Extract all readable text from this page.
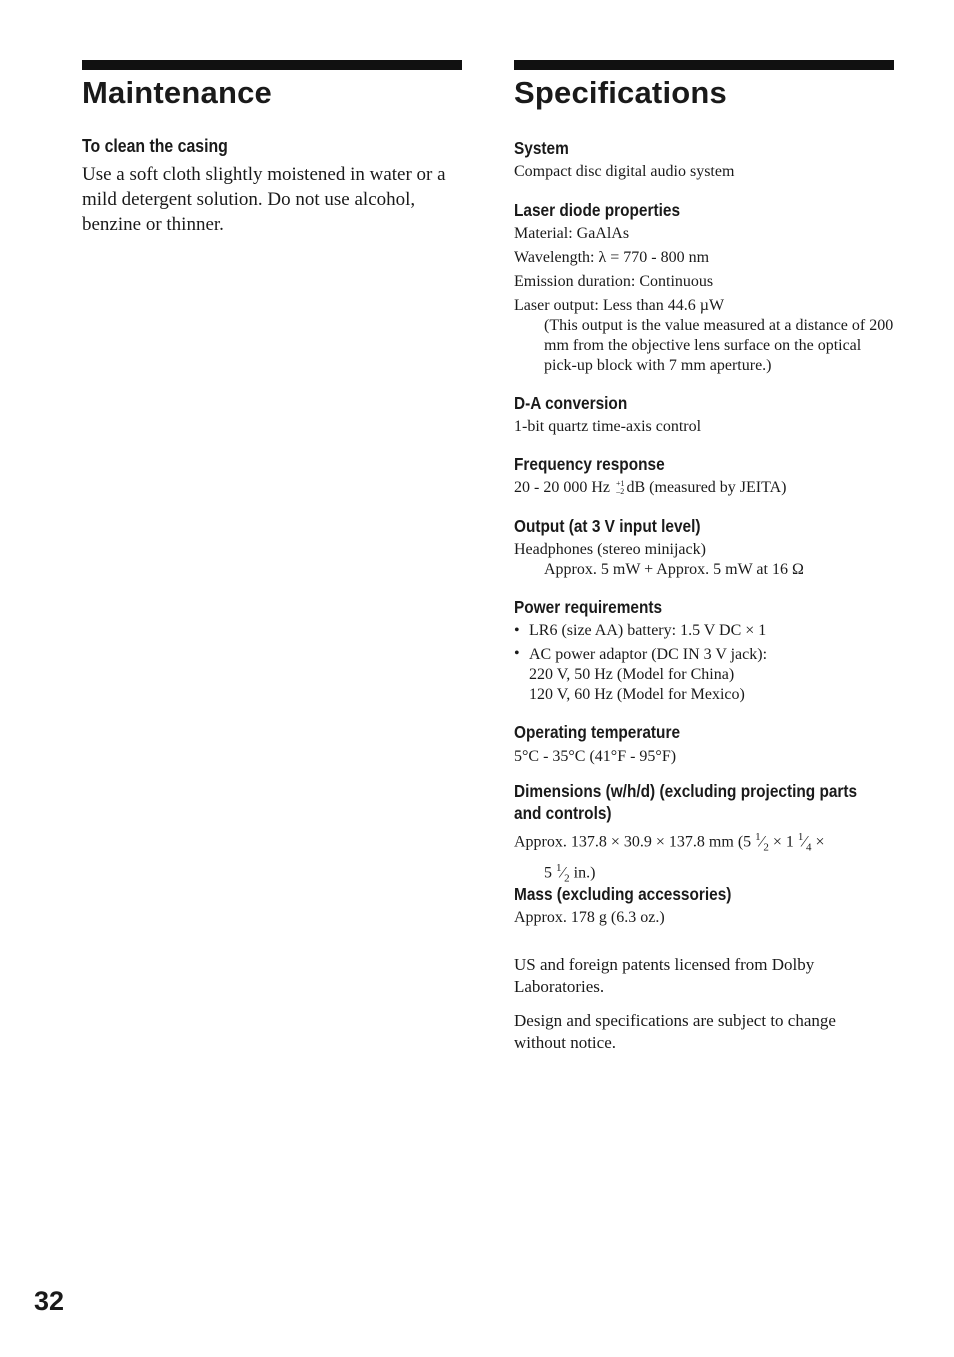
Maintenance
To clean the casing
Use a soft cloth slightly moistened in water or a mild detergent solution. Do not use alcohol, benzine or thinner.
Specifications
System
Compact disc digital audio system
Laser diode properties
Material: GaAlAs
Wavelength: λ = 770 - 800 nm
Emission duration: Continuous
Laser output: Less than 44.6 µW
(This output is the value measured at a distance of 200 mm from the objective lens surface on the optical pick-up block with 7 mm aperture.)
D-A conversion
1-bit quartz time-axis control
Frequency response
20 - 20 000 Hz +1
–2 dB (measured by JEITA)
Output (at 3 V input level)
Headphones (stereo minijack)
Approx. 5 mW + Approx. 5 mW at 16 Ω
Power requirements
• LR6 (size AA) battery: 1.5 V DC × 1
• AC power adaptor (DC IN 3 V jack):
220 V, 50 Hz (Model for China)
120 V, 60 Hz (Model for Mexico)
Operating temperature
5°C - 35°C (41°F - 95°F)
Dimensions (w/h/d) (excluding projecting parts
and controls)
Approx. 137.8 × 30.9 × 137.8 mm (5 $^1⁄_2 \times 1$ $^1⁄_4$ ×
5 $^1⁄_2$ in.)
Mass (excluding accessories)
Approx. 178 g (6.3 oz.)
US and foreign patents licensed from Dolby Laboratories.
Design and specifications are subject to change without notice.
32
